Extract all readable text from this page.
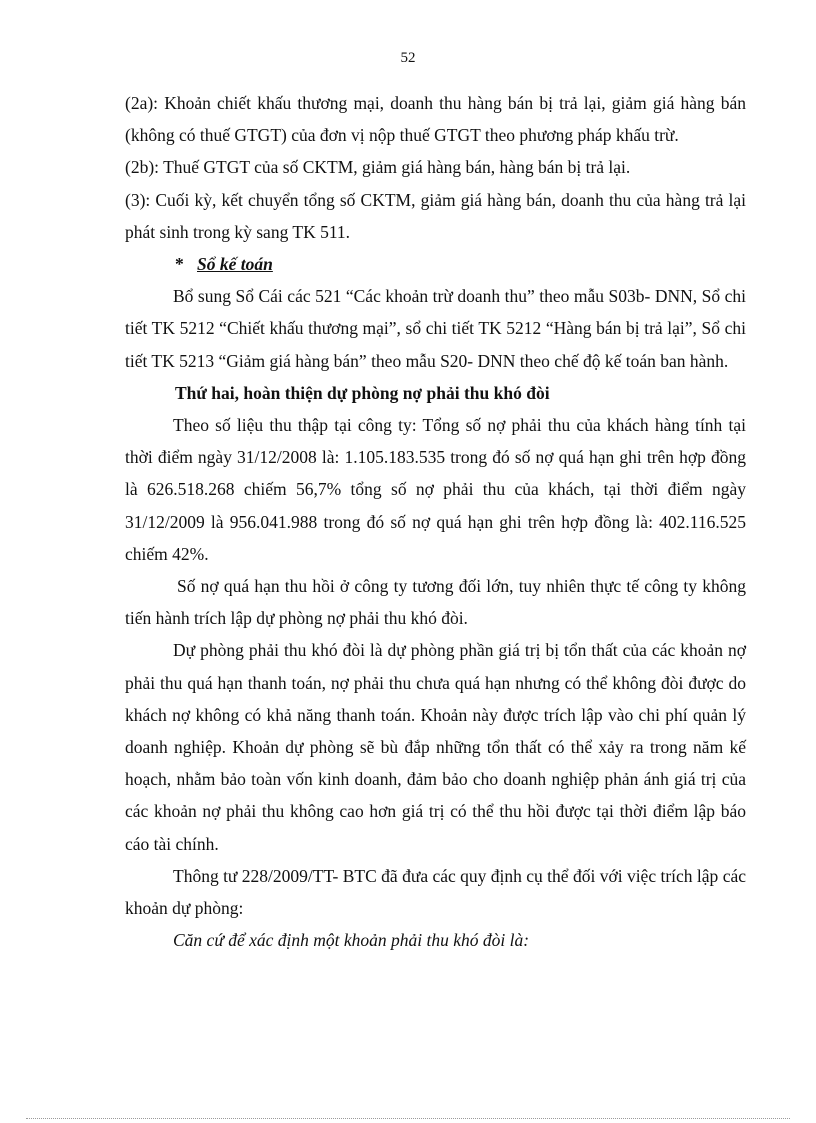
52

(2a): Khoản chiết khấu thương mại, doanh thu hàng bán bị trả lại, giảm giá hàng bán (không có thuế GTGT) của đơn vị nộp thuế GTGT theo phương pháp khấu trừ.

(2b): Thuế GTGT của số CKTM, giảm giá hàng bán, hàng bán bị trả lại.

(3): Cuối kỳ, kết chuyển tổng số CKTM, giảm giá hàng bán, doanh thu của hàng trả lại phát sinh trong kỳ sang TK 511.

* Sổ kế toán

Bổ sung Sổ Cái các 521 “Các khoản trừ doanh thu” theo mẫu S03b- DNN, Sổ chi tiết TK 5212 “Chiết khấu thương mại”, sổ chi tiết TK 5212 “Hàng bán bị trả lại”, Sổ chi tiết TK 5213 “Giảm giá hàng bán” theo mẫu S20- DNN theo chế độ kế toán ban hành.

Thứ hai, hoàn thiện dự phòng nợ phải thu khó đòi

Theo số liệu thu thập tại công ty: Tổng số nợ phải thu của khách hàng tính tại thời điểm ngày 31/12/2008 là: 1.105.183.535 trong đó số nợ quá hạn ghi trên hợp đồng là 626.518.268 chiếm 56,7% tổng số nợ phải thu của khách, tại thời điểm ngày 31/12/2009 là 956.041.988 trong đó số nợ quá hạn ghi trên hợp đồng là: 402.116.525 chiếm 42%.

Số nợ quá hạn thu hồi ở công ty tương đối lớn, tuy nhiên thực tế công ty không tiến hành trích lập dự phòng nợ phải thu khó đòi.

Dự phòng phải thu khó đòi là dự phòng phần giá trị bị tổn thất của các khoản nợ phải thu quá hạn thanh toán, nợ phải thu chưa quá hạn nhưng có thể không đòi được do khách nợ không có khả năng thanh toán. Khoản này được trích lập vào chi phí quản lý doanh nghiệp. Khoản dự phòng sẽ bù đắp những tổn thất có thể xảy ra trong năm kế hoạch, nhằm bảo toàn vốn kinh doanh, đảm bảo cho doanh nghiệp phản ánh giá trị của các khoản nợ phải thu không cao hơn giá trị có thể thu hồi được tại thời điểm lập báo cáo tài chính.

Thông tư 228/2009/TT- BTC đã đưa các quy định cụ thể đối với việc trích lập các khoản dự phòng:

Căn cứ để xác định một khoản phải thu khó đòi là:
